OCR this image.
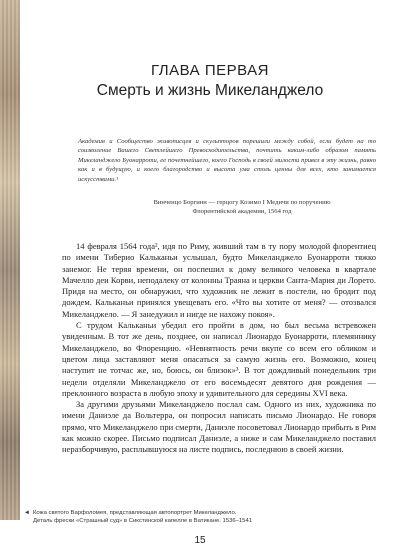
ГЛАВА ПЕРВАЯ
Смерть и жизнь Микеланджело
Академия и Сообщество живописцев и скульпторов порешили между собой, если будет на то соизволение Вашего Светлейшего Превосходительства, почтить каким-либо образом память Микеланджело Буонарроти, ее почетнейшего, коего Господь в своей милости привел в эту жизнь, равно как и в будущую, и коего благородство и высота ума столь ценны для всех, кто занимается искусствами.¹
Винченцо Боргини — герцогу Козимо I Медичи по поручению
Флорентийской академии, 1564 год

14 февраля 1564 года², идя по Риму, живший там в ту пору молодой флорентиец по имени Тиберио Кальканьи услышал, будто Микеланджело Буонарроти тяжко занемог. Не теряя времени, он поспешил к дому великого человека в квартале Мачелло деи Корви, неподалеку от колонны Траяна и церкви Санта-Мария ди Лорето. Придя на место, он обнаружил, что художник не лежит в постели, но бродит под дождем. Кальканьи принялся увещевать его. «Что вы хотите от меня? — отозвался Микеланджело. — Я занедужил и нигде не нахожу покоя».

С трудом Кальканьи убедил его пройти в дом, но был весьма встревожен увиденным. В тот же день, позднее, он написал Лионардо Буонарроти, племяннику Микеланджело, во Флоренцию. «Невнятность речи вкупе со всем его обликом и цветом лица заставляют меня опасаться за самую жизнь его. Возможно, конец наступит не тотчас же, но, боюсь, он близок»³. В тот дождливый понедельник три недели отделяли Микеланджело от его восемьдесят девятого дня рождения — преклонного возраста в любую эпоху и удивительного для середины XVI века.

За другими друзьями Микеланджело послал сам. Одного из них, художника по имени Даниэле да Вольтерра, он попросил написать письмо Лионардо. Не говоря прямо, что Микеланджело при смерти, Даниэле посоветовал Лионардо прибыть в Рим как можно скорее. Письмо подписал Даниэле, а ниже и сам Микеланджело поставил неразборчивую, расплывшуюся на листе подпись, последнюю в своей жизни.

◄ Кожа святого Варфоломея, представляющая автопортрет Микеланджело.
Деталь фрески «Страшный суд» в Сикстинской капелле в Ватикане. 1536–1541
15
